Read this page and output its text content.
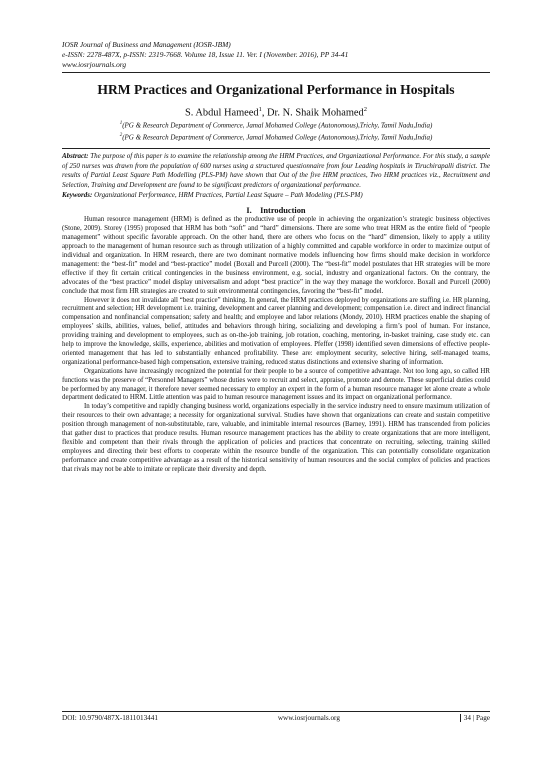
IOSR Journal of Business and Management (IOSR-JBM)
e-ISSN: 2278-487X, p-ISSN: 2319-7668. Volume 18, Issue 11. Ver. I (November. 2016), PP 34-41
www.iosrjournals.org
HRM Practices and Organizational Performance in Hospitals
S. Abdul Hameed$^1$, Dr. N. Shaik Mohamed$^2$
$^1$(PG & Research Department of Commerce, Jamal Mohamed College (Autonomous),Trichy, Tamil Nadu,India)
$^2$(PG & Research Department of Commerce, Jamal Mohamed College (Autonomous),Trichy, Tamil Nadu,India)
Abstract: The purpose of this paper is to examine the relationship among the HRM Practices, and Organizational Performance. For this study, a sample of 250 nurses was drawn from the population of 600 nurses using a structured questionnaire from four Leading hospitals in Tiruchirapalli district. The results of Partial Least Square Path Modelling (PLS-PM) have shown that Out of the five HRM practices, Two HRM practices viz., Recruitment and Selection, Training and Development are found to be significant predictors of organizational performance.
Keywords: Organizational Performance, HRM Practices, Partial Least Square – Path Modeling (PLS-PM)
I. Introduction

Human resource management (HRM) is defined as the productive use of people in achieving the organization’s strategic business objectives (Stone, 2009). Storey (1995) proposed that HRM has both “soft” and “hard” dimensions. There are some who treat HRM as the entire field of “people management” without specific favorable approach. On the other hand, there are others who focus on the “hard” dimension, likely to apply a utility approach to the management of human resource such as through utilization of a highly committed and capable workforce in order to maximize output of individual and organization. In HRM research, there are two dominant normative models influencing how firms should make decision in workforce management: the “best-fit” model and “best-practice” model (Boxall and Purcell (2000). The “best-fit” model postulates that HR strategies will be more effective if they fit certain critical contingencies in the business environment, e.g. social, industry and organizational factors. On the contrary, the advocates of the “best practice” model display universalism and adopt “best practice” in the way they manage the workforce. Boxall and Purcell (2000) conclude that most firm HR strategies are created to suit environmental contingencies, favoring the “best-fit” model.

However it does not invalidate all “best practice” thinking. In general, the HRM practices deployed by organizations are staffing i.e. HR planning, recruitment and selection; HR development i.e. training, development and career planning and development; compensation i.e. direct and indirect financial compensation and nonfinancial compensation; safety and health; and employee and labor relations (Mondy, 2010). HRM practices enable the shaping of employees’ skills, abilities, values, belief, attitudes and behaviors through hiring, socializing and developing a firm’s pool of human. For instance, providing training and development to employees, such as on-the-job training, job rotation, coaching, mentoring, in-basket training, case study etc. can help to improve the knowledge, skills, experience, abilities and motivation of employees. Pfeffer (1998) identified seven dimensions of effective people-oriented management that has led to substantially enhanced profitability. These are: employment security, selective hiring, self-managed teams, organizational performance-based high compensation, extensive training, reduced status distinctions and extensive sharing of information.

Organizations have increasingly recognized the potential for their people to be a source of competitive advantage. Not too long ago, so called HR functions was the preserve of “Personnel Managers” whose duties were to recruit and select, appraise, promote and demote. These superficial duties could be performed by any manager, it therefore never seemed necessary to employ an expert in the form of a human resource manager let alone create a whole department dedicated to HRM. Little attention was paid to human resource management issues and its impact on organizational performance.

In today’s competitive and rapidly changing business world, organizations especially in the service industry need to ensure maximum utilization of their resources to their own advantage; a necessity for organizational survival. Studies have shown that organizations can create and sustain competitive position through management of non-substitutable, rare, valuable, and inimitable internal resources (Barney, 1991). HRM has transcended from policies that gather dust to practices that produce results. Human resource management practices has the ability to create organizations that are more intelligent, flexible and competent than their rivals through the application of policies and practices that concentrate on recruiting, selecting, training skilled employees and directing their best efforts to cooperate within the resource bundle of the organization. This can potentially consolidate organization performance and create competitive advantage as a result of the historical sensitivity of human resources and the social complex of policies and practices that rivals may not be able to imitate or replicate their diversity and depth.

DOI: 10.9790/487X-1811013441	www.iosrjournals.org	34 | Page
